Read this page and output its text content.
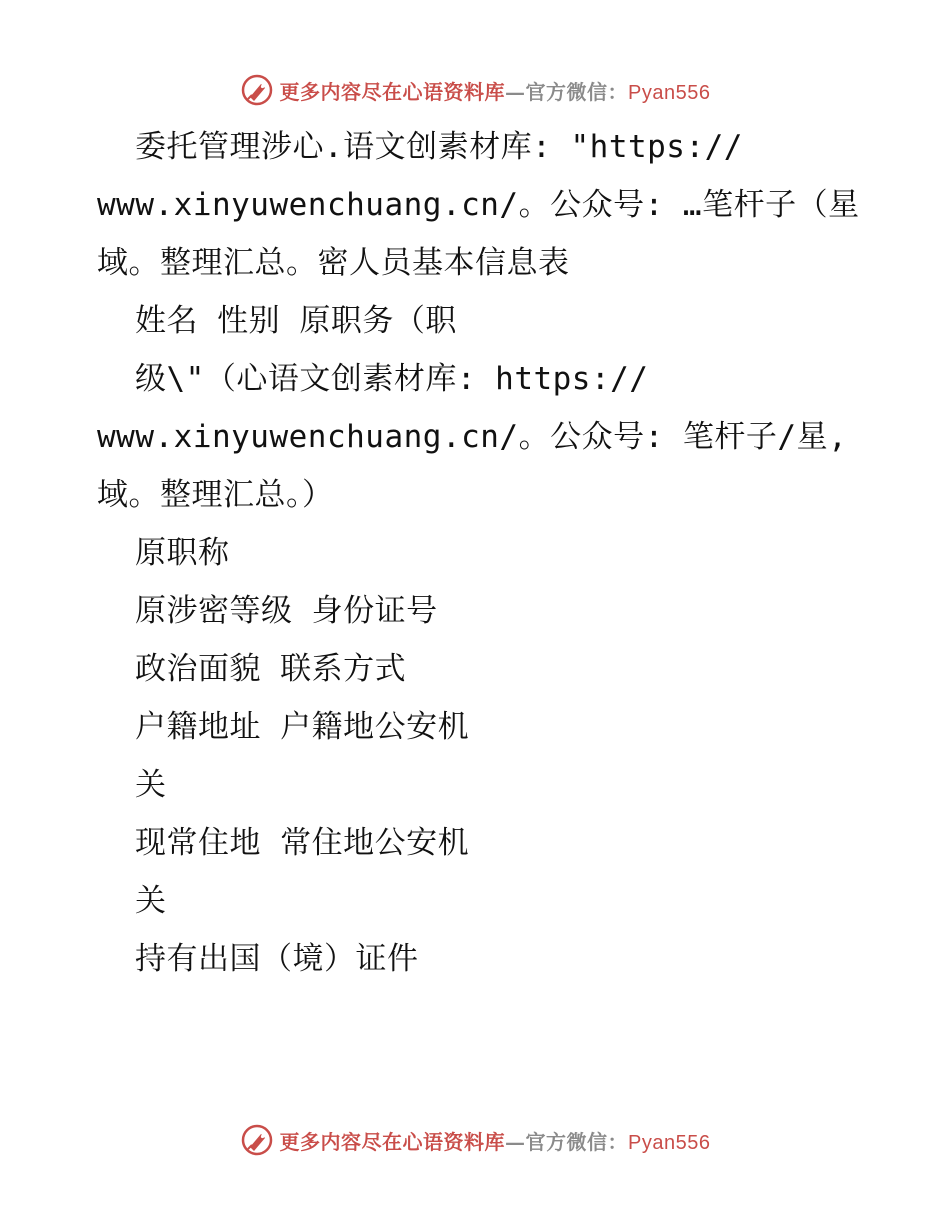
更多内容尽在心语资料库—官方微信：Pyan556
委托管理涉心.语文创素材库: "https://
www.xinyuwenchuang.cn/。公众号: …笔杆子（星
域。整理汇总。密人员基本信息表
姓名 性别 原职务（职
级\"（心语文创素材库: https://
www.xinyuwenchuang.cn/。公众号: 笔杆子/星,
域。整理汇总。）
原职称
原涉密等级 身份证号
政治面貌 联系方式
户籍地址 户籍地公安机
关
现常住地 常住地公安机
关
持有出国（境）证件
更多内容尽在心语资料库—官方微信：Pyan556
